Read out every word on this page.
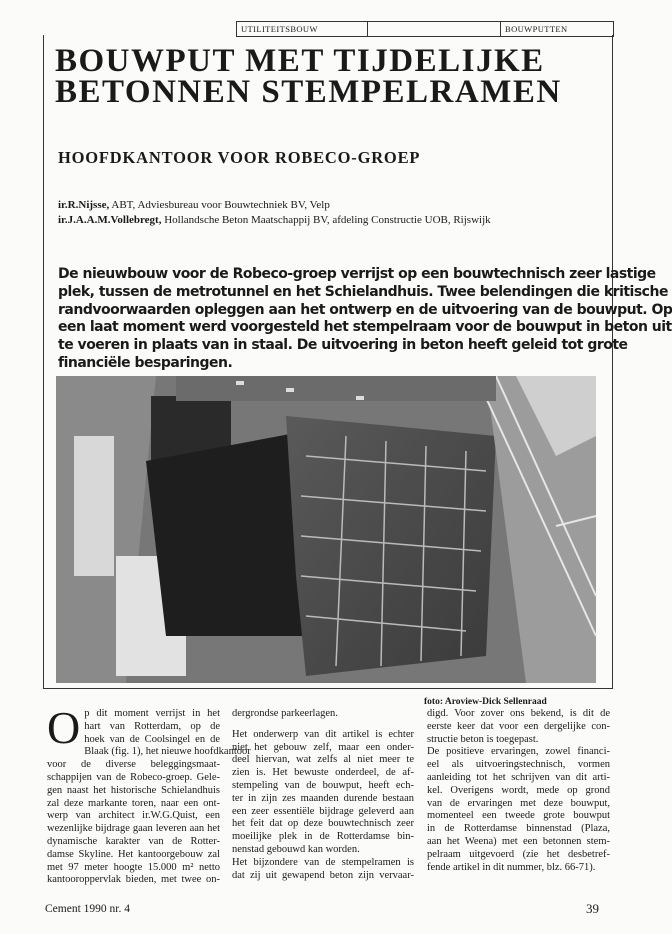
UTILITEITSBOUW	BOUWPUTTEN
BOUWPUT MET TIJDELIJKE
BETONNEN STEMPELRAMEN
HOOFDKANTOOR VOOR ROBECO-GROEP
ir.R.Nijsse, ABT, Adviesbureau voor Bouwtechniek BV, Velp
ir.J.A.A.M.Vollebregt, Hollandsche Beton Maatschappij BV, afdeling Constructie UOB, Rijswijk
De nieuwbouw voor de Robeco-groep verrijst op een bouwtechnisch zeer lastige
plek, tussen de metrotunnel en het Schielandhuis. Twee belendingen die kritische
randvoorwaarden opleggen aan het ontwerp en de uitvoering van de bouwput. Op
een laat moment werd voorgesteld het stempelraam voor de bouwput in beton uit
te voeren in plaats van in staal. De uitvoering in beton heeft geleid tot grote
financiële besparingen.
foto: Aroview-Dick Sellenraad
O p dit moment verrijst in het
hart van Rotterdam, op de
hoek van de Coolsingel en de
Blaak (fig. 1), het nieuwe hoofdkantoor
voor de diverse beleggingsmaat-
schappijen van de Robeco-groep. Gele-
gen naast het historische Schielandhuis
zal deze markante toren, naar een ont-
werp van architect ir.W.G.Quist, een
wezenlijke bijdrage gaan leveren aan het
dynamische karakter van de Rotter-
damse Skyline. Het kantoorgebouw zal
met 97 meter hoogte 15.000 m² netto
kantoorоppervlak bieden, met twee on-
dergrondse parkeerlagen.
Het onderwerp van dit artikel is echter
niet het gebouw zelf, maar een onder-
deel hiervan, wat zelfs al niet meer te
zien is. Het bewuste onderdeel, de af-
stempeling van de bouwput, heeft ech-
ter in zijn zes maanden durende bestaan
een zeer essentiële bijdrage geleverd aan
het feit dat op deze bouwtechnisch zeer
moeilijke plek in de Rotterdamse bin-
nenstad gebouwd kan worden.
Het bijzondere van de stempelramen is
dat zij uit gewapend beton zijn vervaar-
digd. Voor zover ons bekend, is dit de
eerste keer dat voor een dergelijke con-
structie beton is toegepast.
De positieve ervaringen, zowel financi-
eel als uitvoeringstechnisch, vormen
aanleiding tot het schrijven van dit arti-
kel. Overigens wordt, mede op grond
van de ervaringen met deze bouwput,
momenteel een tweede grote bouwput
in de Rotterdamse binnenstad (Plaza,
aan het Weena) met een betonnen stem-
pelraam uitgevoerd (zie het desbetref-
fende artikel in dit nummer, blz. 66-71).
Cement 1990 nr. 4	39
